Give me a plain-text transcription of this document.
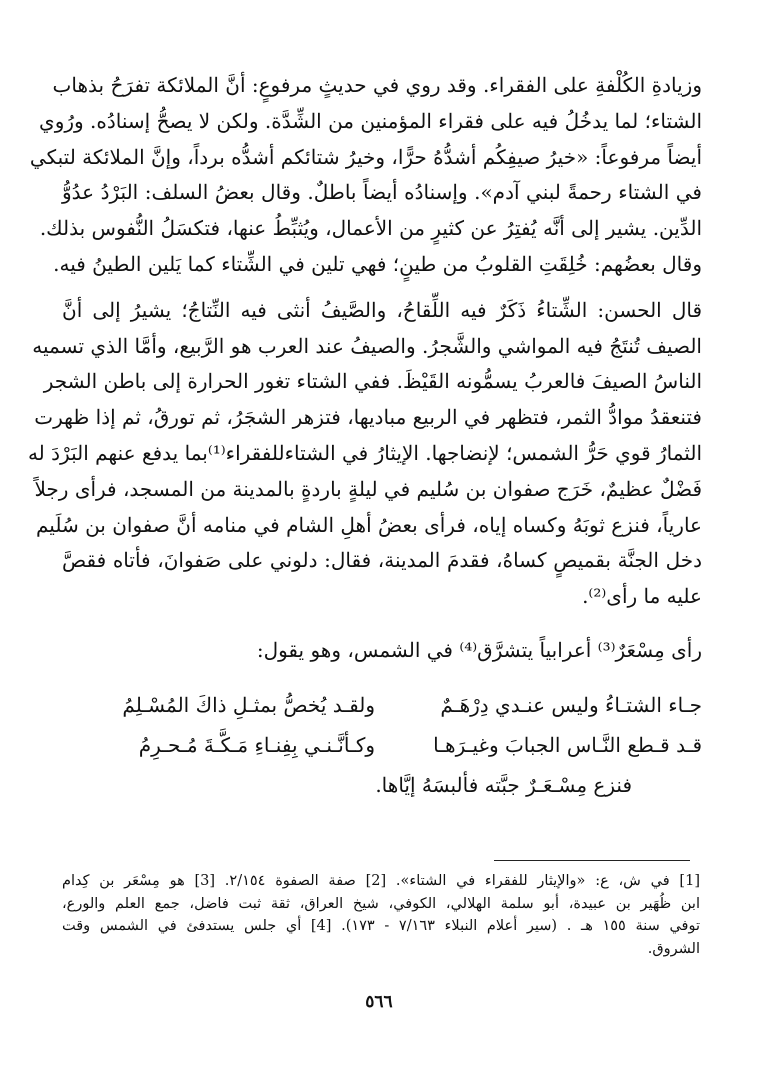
وزيادةِ الكُلْفةِ على الفقراء. وقد روي في حديثٍ مرفوعٍ: أنَّ الملائكة تفرَحُ بذهاب

الشتاء؛ لما يدخُلُ فيه على فقراء المؤمنين من الشِّدَّة. ولكن لا يصحُّ إسنادُه. ورُوي

أيضاً مرفوعاً: «خيرُ صيفِكُم أشدُّهُ حرًّا، وخيرُ شتائكم أشدُّه برداً، وإنَّ الملائكة لتبكي

في الشتاء رحمةً لبني آدم». وإسنادُه أيضاً باطلٌ. وقال بعضُ السلف: البَرْدُ عدُوُّ

الدِّين. يشير إلى أنَّه يُفتِرُ عن كثيرٍ من الأعمال، ويُثبِّطُ عنها، فتكسَلُ النُّفوس بذلك.

وقال بعضُهم: خُلِقَتِ القلوبُ من طينٍ؛ فهي تلين في الشِّتاء كما يَلين الطينُ فيه.

قال الحسن: الشِّتاءُ ذَكَرٌ فيه اللِّقاحُ، والصَّيفُ أنثى فيه النِّتاجُ؛ يشيرُ إلى أنَّ

الصيف تُنتَجُ فيه المواشي والشَّجرُ. والصيفُ عند العرب هو الرَّبيع، وأمَّا الذي تسميه

الناسُ الصيفَ فالعربُ يسمُّونه القَيْظَ. ففي الشتاء تغور الحرارة إلى باطن الشجر

فتنعقدُ موادُّ الثمر، فتظهر في الربيع مباديها، فتزهر الشجَرُ، ثم تورقُ، ثم إذا ظهرت

الثمارُ قوي حَرُّ الشمس؛ لإنضاجها. الإيثارُ في الشتاءللفقراء⁽¹⁾بما يدفع عنهم البَرْدَ له

فَضْلٌ عظيمٌ، خَرَج صفوان بن سُليم في ليلةٍ باردةٍ بالمدينة من المسجد، فرأى رجلاً

عارياً، فنزع ثوبَهُ وكساه إياه، فرأى بعضُ أهلِ الشام في منامه أنَّ صفوان بن سُلَيم

دخل الجنَّة بقميصٍ كساهُ، فقدمَ المدينة، فقال: دلوني على صَفوانَ، فأتاه فقصَّ

عليه ما رأى⁽²⁾.

رأى مِسْعَرٌ⁽³⁾ أعرابياً يتشرَّق⁽⁴⁾ في الشمس، وهو يقول:

جـاء الشتـاءُ وليس عنـدي دِرْهَـمٌ
ولقـد يُخصُّ بمثـلِ ذاكَ المُسْـلِمُ
قـد قـطع النَّـاس الجبابَ وغيـرَهـا
وكـأنَّـنـي بِفِنـاءِ مَـكَّـةَ مُـحـرِمُ
فنزع مِسْـعَـرٌ جبَّته فألبسَهُ إيَّاها.

[1] في ش، ع: «والإيثار للفقراء في الشتاء». [2] صفة الصفوة ٢/١٥٤. [3] هو مِسْعَر بن كِدام

ابن ظُهَير بن عبيدة، أبو سلمة الهلالي، الكوفي، شيخ العراق، ثقة ثبت فاضل، جمع العلم والورع،

توفي سنة ١٥٥ هـ . (سير أعلام النبلاء ٧/١٦٣ - ١٧٣). [4] أي جلس يستدفئ في الشمس وقت

الشروق.

٥٦٦
